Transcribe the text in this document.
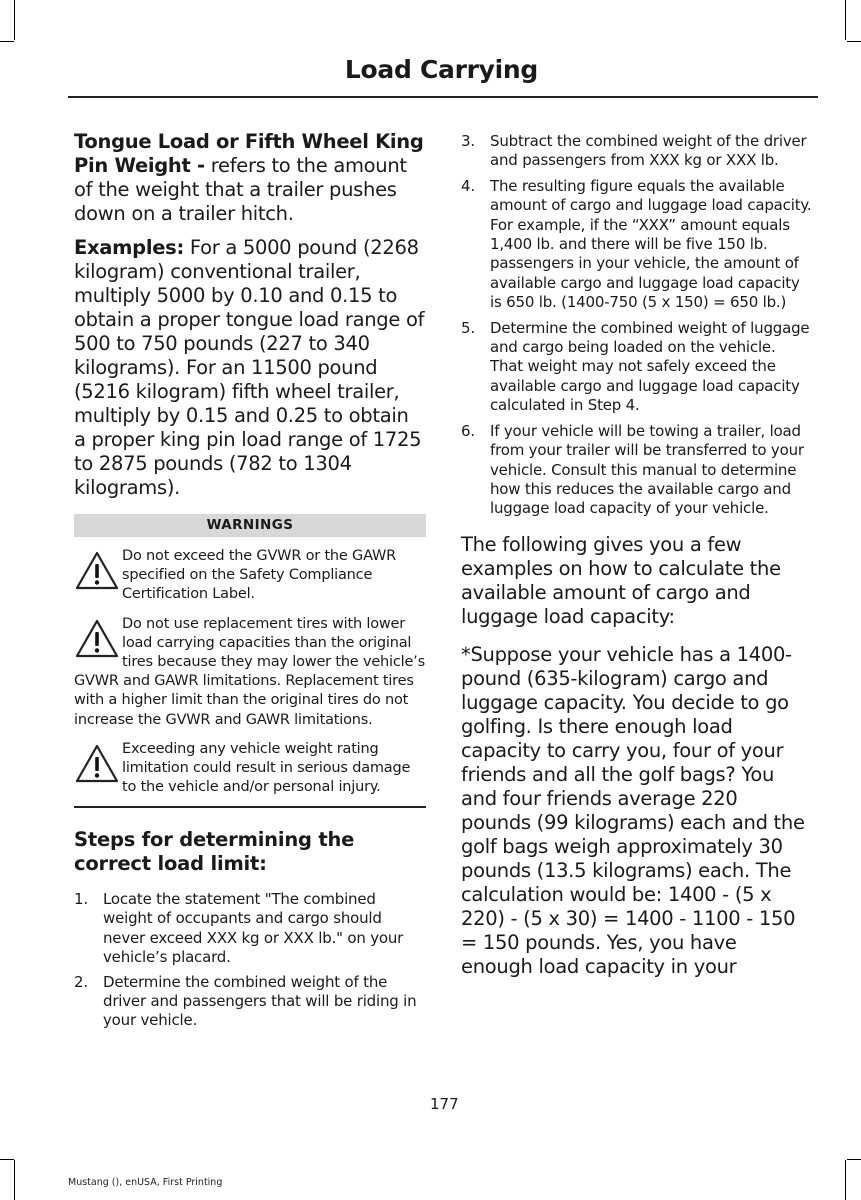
Load Carrying

Tongue Load or Fifth Wheel King Pin Weight - refers to the amount of the weight that a trailer pushes down on a trailer hitch.

Examples: For a 5000 pound (2268 kilogram) conventional trailer, multiply 5000 by 0.10 and 0.15 to obtain a proper tongue load range of 500 to 750 pounds (227 to 340 kilograms). For an 11500 pound (5216 kilogram) fifth wheel trailer, multiply by 0.15 and 0.25 to obtain a proper king pin load range of 1725 to 2875 pounds (782 to 1304 kilograms).

WARNINGS
Do not exceed the GVWR or the GAWR specified on the Safety Compliance Certification Label.
Do not use replacement tires with lower load carrying capacities than the original tires because they may lower the vehicle’s GVWR and GAWR limitations. Replacement tires with a higher limit than the original tires do not increase the GVWR and GAWR limitations.
Exceeding any vehicle weight rating limitation could result in serious damage to the vehicle and/or personal injury.
Steps for determining the correct load limit:
1. Locate the statement "The combined weight of occupants and cargo should never exceed XXX kg or XXX lb." on your vehicle’s placard.
2. Determine the combined weight of the driver and passengers that will be riding in your vehicle.
3. Subtract the combined weight of the driver and passengers from XXX kg or XXX lb.
4. The resulting figure equals the available amount of cargo and luggage load capacity. For example, if the “XXX” amount equals 1,400 lb. and there will be five 150 lb. passengers in your vehicle, the amount of available cargo and luggage load capacity is 650 lb. (1400-750 (5 x 150) = 650 lb.)
5. Determine the combined weight of luggage and cargo being loaded on the vehicle. That weight may not safely exceed the available cargo and luggage load capacity calculated in Step 4.
6. If your vehicle will be towing a trailer, load from your trailer will be transferred to your vehicle. Consult this manual to determine how this reduces the available cargo and luggage load capacity of your vehicle.

The following gives you a few examples on how to calculate the available amount of cargo and luggage load capacity:

*Suppose your vehicle has a 1400-pound (635-kilogram) cargo and luggage capacity. You decide to go golfing. Is there enough load capacity to carry you, four of your friends and all the golf bags? You and four friends average 220 pounds (99 kilograms) each and the golf bags weigh approximately 30 pounds (13.5 kilograms) each. The calculation would be: 1400 - (5 x 220) - (5 x 30) = 1400 - 1100 - 150 = 150 pounds. Yes, you have enough load capacity in your

177
Mustang (), enUSA, First Printing
